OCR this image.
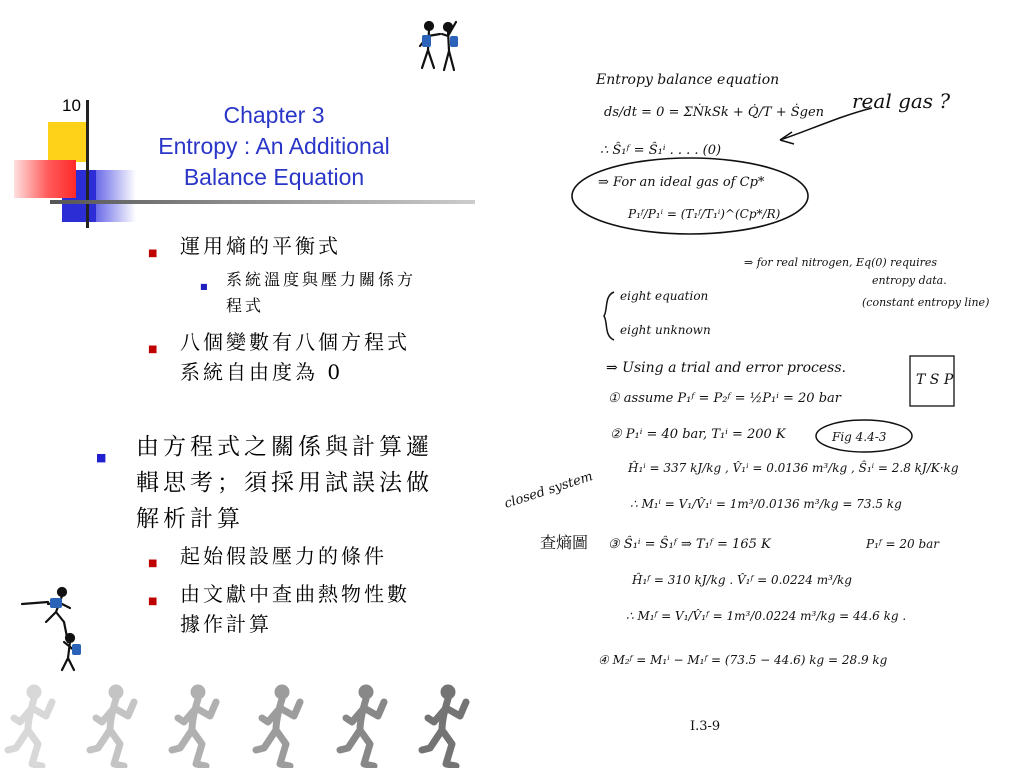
10	Chapter 3
Entropy : An Additional
Balance Equation
■ 運用熵的平衡式
■ 系統溫度與壓力關係方
程式
■ 八個變數有八個方程式
系統自由度為 0
■ 由方程式之關係與計算邏
輯思考；須採用試誤法做
解析計算
■ 起始假設壓力的條件
■ 由文獻中查曲熱物性數
據作計算
Entropy balance equation
ds/dt = 0 = ΣṄkSk + Q̇/T + Ṡgen real gas ?
∴ Ŝ₁ᶠ = Ŝ₁ⁱ . . . . (0)
⇒ For an ideal gas of Cp*
P₁ᶠ/P₁ⁱ = (T₁ᶠ/T₁ⁱ)^(Cp*/R)
⇒ for real nitrogen, Eq(0) requires
entropy data.
(constant entropy line)
eight equation
eight unknown
⇒ Using a trial and error process.
① assume P₁ᶠ = P₂ᶠ = ½P₁ⁱ = 20 bar
② P₁ⁱ = 40 bar, T₁ⁱ = 200 K	Fig 4.4-3
T S P
closed system
Ĥ₁ⁱ = 337 kJ/kg , V̂₁ⁱ = 0.0136 m³/kg , Ŝ₁ⁱ = 2.8 kJ/K·kg
∴ M₁ⁱ = V₁/V̂₁ⁱ = 1m³/0.0136 m³/kg = 73.5 kg
查熵圖 ③ Ŝ₁ⁱ = Ŝ₁ᶠ ⇒ T₁ᶠ = 165 K	P₁ᶠ = 20 bar
Ĥ₁ᶠ = 310 kJ/kg . V̂₁ᶠ = 0.0224 m³/kg
∴ M₁ᶠ = V₁/V̂₁ᶠ = 1m³/0.0224 m³/kg = 44.6 kg .
④ M₂ᶠ = M₁ⁱ − M₁ᶠ = (73.5 − 44.6) kg = 28.9 kg
I.3-9
